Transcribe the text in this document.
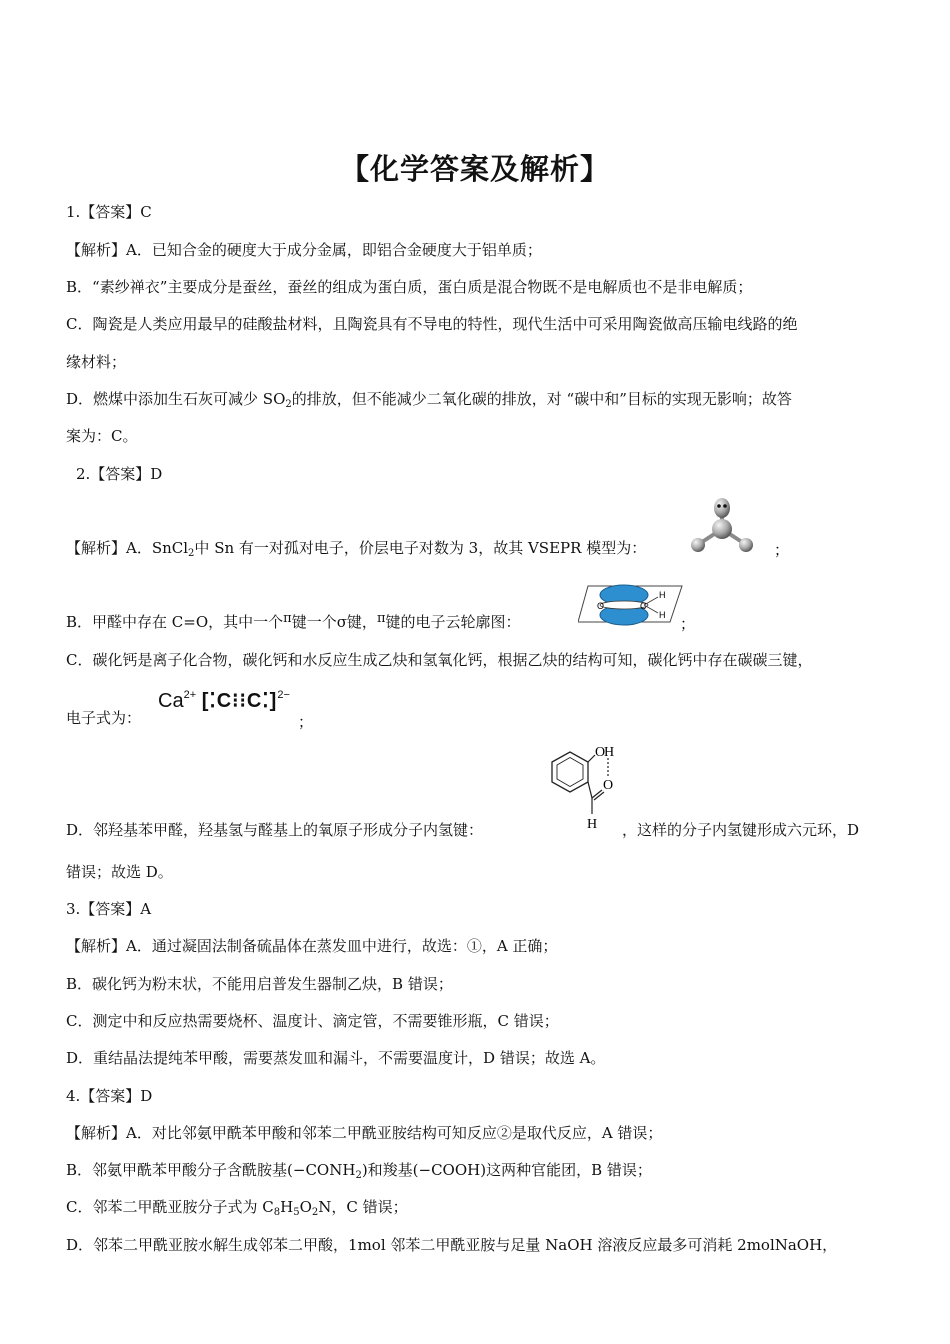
【化学答案及解析】
1.【答案】C
【解析】A．已知合金的硬度大于成分金属，即铝合金硬度大于铝单质；
B．“素纱禅衣”主要成分是蚕丝，蚕丝的组成为蛋白质，蛋白质是混合物既不是电解质也不是非电解质；
C．陶瓷是人类应用最早的硅酸盐材料，且陶瓷具有不导电的特性，现代生活中可采用陶瓷做高压输电线路的绝
缘材料；
D．燃煤中添加生石灰可减少 $SO_2$的排放，但不能减少二氧化碳的排放，对 “碳中和”目标的实现无影响；故答
案为：C。
2.【答案】D
【解析】A．SnCl$_2$中 Sn 有一对孤对电子，价层电子对数为 3，故其 VSEPR 模型为：	；
B．甲醛中存在 C=O，其中一个$^\pi$键一个σ键，$^\pi$键的电子云轮廓图：
O	C
H
H ；
C．碳化钙是离子化合物，碳化钙和水反应生成乙炔和氢氧化钙，根据乙炔的结构可知，碳化钙中存在碳碳三键，
电子式为：
$Ca^{2+}$ [⁚C⁝⁝C⁚]$^{2-}$
；
O
H
O
H
D．邻羟基苯甲醛，羟基氢与醛基上的氧原子形成分子内氢键：	，这样的分子内氢键形成六元环，D
错误；故选 D。
3.【答案】A
【解析】A．通过凝固法制备硫晶体在蒸发皿中进行，故选：①，A 正确；
B．碳化钙为粉末状，不能用启普发生器制乙炔，B 错误；
C．测定中和反应热需要烧杯、温度计、滴定管，不需要锥形瓶，C 错误；
D．重结晶法提纯苯甲酸，需要蒸发皿和漏斗，不需要温度计，D 错误；故选 A。
4.【答案】D
【解析】A．对比邻氨甲酰苯甲酸和邻苯二甲酰亚胺结构可知反应②是取代反应，A 错误；
B．邻氨甲酰苯甲酸分子含酰胺基$(-CONH_2)$和羧基(−COOH)这两种官能团，B 错误；
C．邻苯二甲酰亚胺分子式为 $C_8H_5O_2N$，C 错误；
D．邻苯二甲酰亚胺水解生成邻苯二甲酸，1mol 邻苯二甲酰亚胺与足量 NaOH 溶液反应最多可消耗 2molNaOH，
